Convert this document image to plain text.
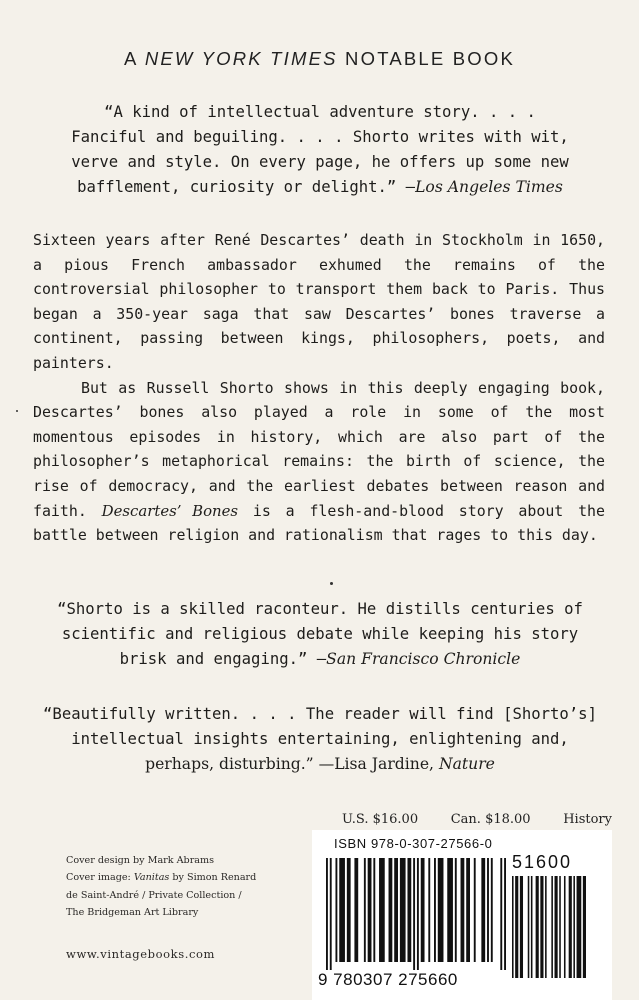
A NEW YORK TIMES NOTABLE BOOK
“A kind of intellectual adventure story. . . .
Fanciful and beguiling. . . . Shorto writes with wit,
verve and style. On every page, he offers up some new
bafflement, curiosity or delight.” —Los Angeles Times

Sixteen years after René Descartes’ death in Stockholm in 1650, a pious French ambassador exhumed the remains of the controversial philosopher to transport them back to Paris. Thus began a 350-year saga that saw Descartes’ bones traverse a continent, passing between kings, philosophers, poets, and painters.

But as Russell Shorto shows in this deeply engaging book, Descartes’ bones also played a role in some of the most momentous episodes in history, which are also part of the philosopher’s metaphorical remains: the birth of science, the rise of democracy, and the earliest debates between reason and faith. Descartes’ Bones is a flesh-and-blood story about the battle between religion and rationalism that rages to this day.

“Shorto is a skilled raconteur. He distills centuries of
scientific and religious debate while keeping his story
brisk and engaging.” —San Francisco Chronicle
“Beautifully written. . . . The reader will find [Shorto’s]
intellectual insights entertaining, enlightening and,
perhaps, disturbing.” —Lisa Jardine, Nature
U.S. $16.00	Can. $18.00	History
ISBN 978-0-307-27566-0
51600
9 780307 275660
Cover design by Mark Abrams
Cover image: Vanitas by Simon Renard
de Saint-André / Private Collection /
The Bridgeman Art Library
www.vintagebooks.com
